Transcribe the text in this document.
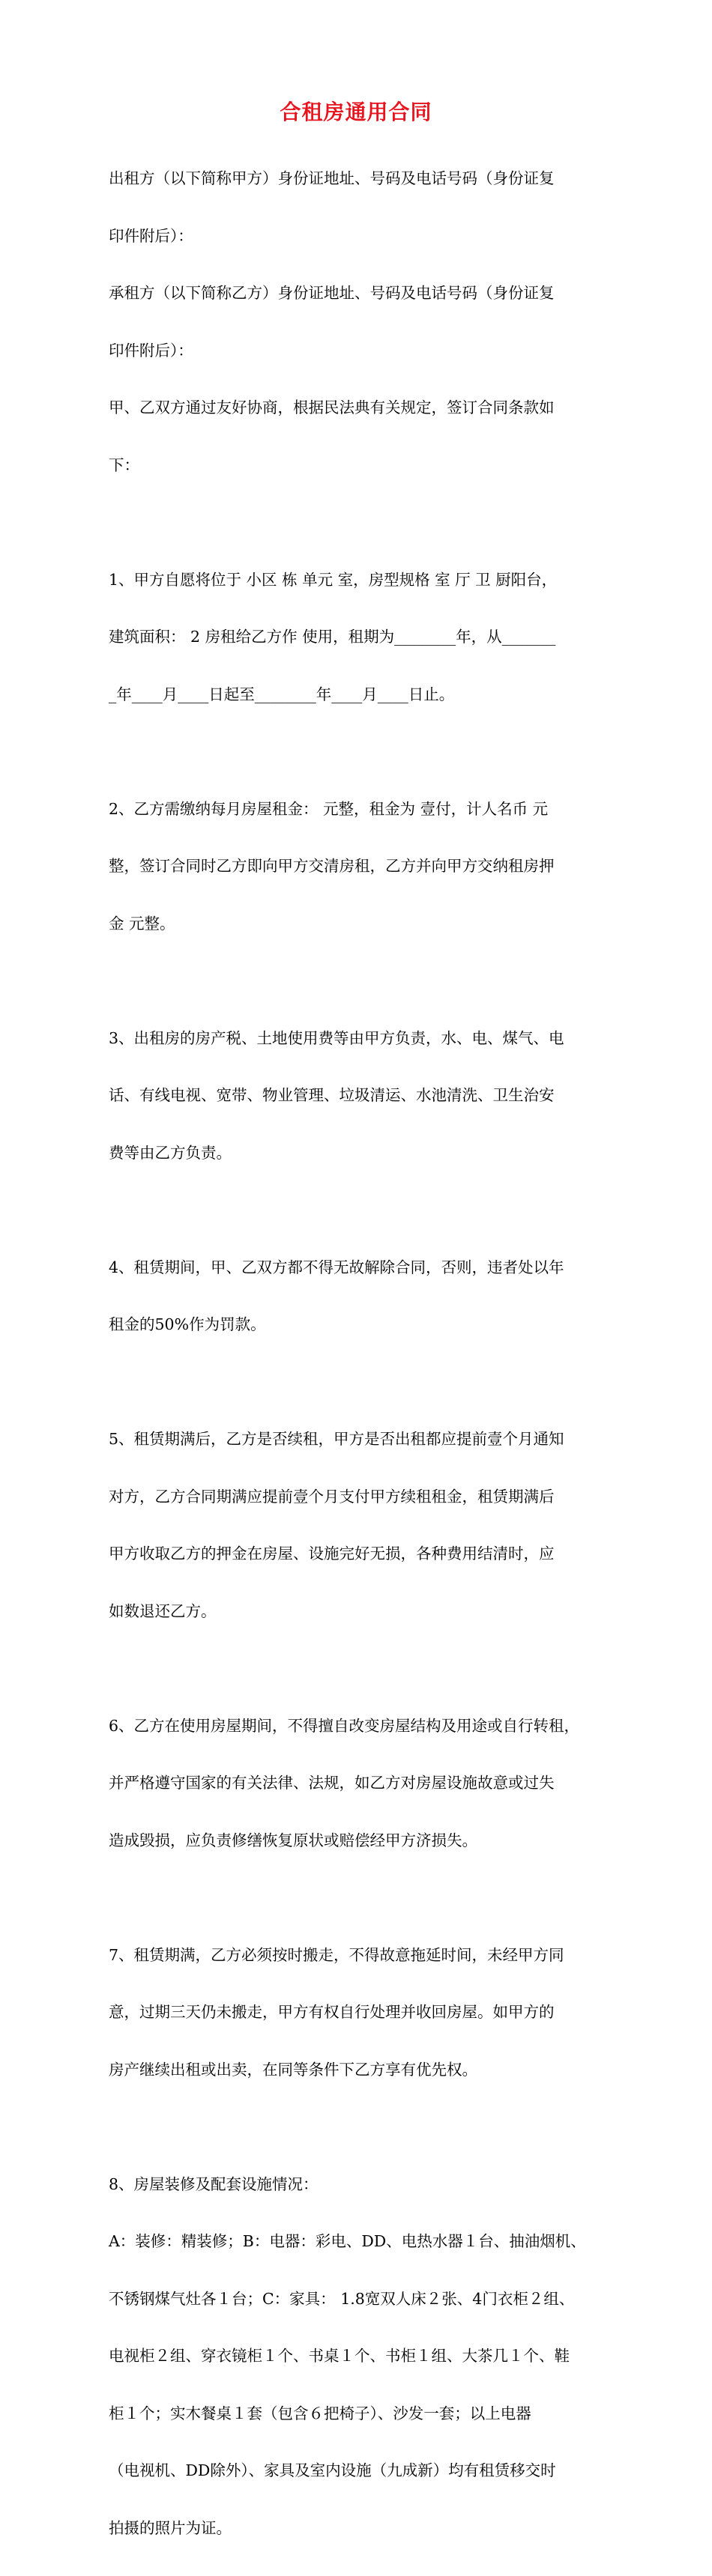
合租房通用合同

出租方（以下简称甲方）身份证地址、号码及电话号码（身份证复

印件附后）：

承租方（以下简称乙方）身份证地址、号码及电话号码（身份证复

印件附后）：

甲、乙双方通过友好协商，根据民法典有关规定，签订合同条款如

下：

1、甲方自愿将位于 小区 栋 单元 室，房型规格 室 厅 卫 厨阳台，

建筑面积： 2 房租给乙方作 使用，租期为________年，从_______

_年____月____日起至________年____月____日止。

2、乙方需缴纳每月房屋租金： 元整，租金为 壹付，计人名币 元

整，签订合同时乙方即向甲方交清房租，乙方并向甲方交纳租房押

金 元整。

3、出租房的房产税、土地使用费等由甲方负责，水、电、煤气、电

话、有线电视、宽带、物业管理、垃圾清运、水池清洗、卫生治安

费等由乙方负责。

4、租赁期间，甲、乙双方都不得无故解除合同，否则，违者处以年

租金的50%作为罚款。

5、租赁期满后，乙方是否续租，甲方是否出租都应提前壹个月通知

对方，乙方合同期满应提前壹个月支付甲方续租租金，租赁期满后

甲方收取乙方的押金在房屋、设施完好无损，各种费用结清时，应

如数退还乙方。

6、乙方在使用房屋期间，不得擅自改变房屋结构及用途或自行转租，

并严格遵守国家的有关法律、法规，如乙方对房屋设施故意或过失

造成毁损，应负责修缮恢复原状或赔偿经甲方济损失。

7、租赁期满，乙方必须按时搬走，不得故意拖延时间，未经甲方同

意，过期三天仍未搬走，甲方有权自行处理并收回房屋。如甲方的

房产继续出租或出卖，在同等条件下乙方享有优先权。

8、房屋装修及配套设施情况：

A：装修：精装修；B：电器：彩电、DD、电热水器１台、抽油烟机、

不锈钢煤气灶各１台；C：家具： 1.8宽双人床２张、4门衣柜２组、

电视柜２组、穿衣镜柜１个、书桌１个、书柜１组、大茶几１个、鞋

柜１个；实木餐桌１套（包含６把椅子）、沙发一套；以上电器

（电视机、DD除外）、家具及室内设施（九成新）均有租赁移交时

拍摄的照片为证。
